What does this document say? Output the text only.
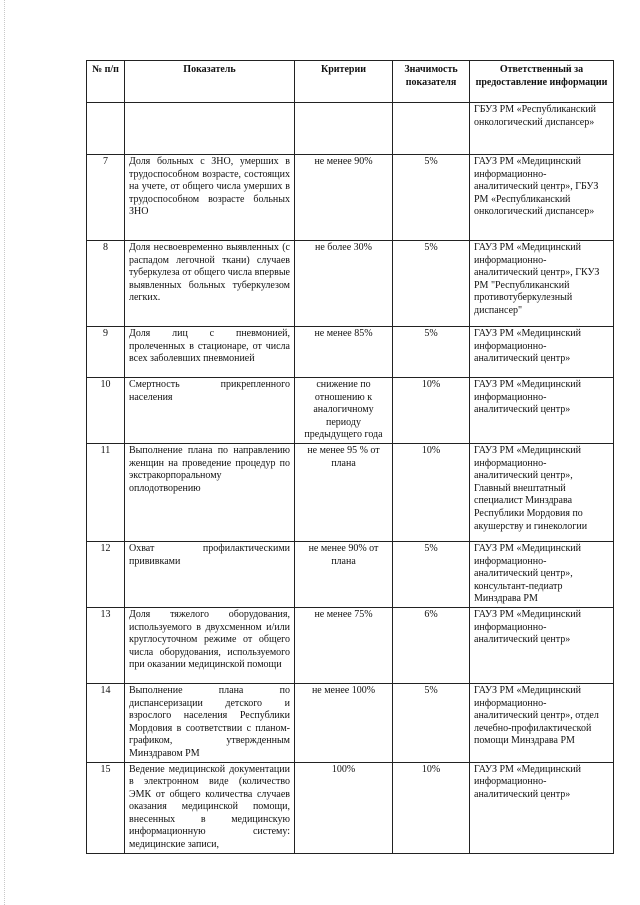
№ п/п	Показатель	Критерии	Значимость показателя	Ответственный за предоставление информации
				ГБУЗ РМ «Республиканский онкологический диспансер»
7	Доля больных с ЗНО, умерших в трудоспособном возрасте, состоящих на учете, от общего числа умерших в трудоспособном возрасте больных ЗНО	не менее 90%	5%	ГАУЗ РМ «Медицинский информационно-аналитический центр», ГБУЗ РМ «Республиканский онкологический диспансер»
8	Доля несвоевременно выявленных (с распадом легочной ткани) случаев туберкулеза от общего числа впервые выявленных больных туберкулезом легких.	не более 30%	5%	ГАУЗ РМ «Медицинский информационно-аналитический центр», ГКУЗ РМ "Республиканский противотуберкулезный диспансер"
9	Доля лиц с пневмонией, пролеченных в стационаре, от числа всех заболевших пневмонией	не менее 85%	5%	ГАУЗ РМ «Медицинский информационно-аналитический центр»
10	Смертность прикрепленного населения	снижение по отношению к аналогичному периоду предыдущего года	10%	ГАУЗ РМ «Медицинский информационно-аналитический центр»
11	Выполнение плана по направлению женщин на проведение процедур по экстракорпоральному оплодотворению	не менее 95 % от плана	10%	ГАУЗ РМ «Медицинский информационно-аналитический центр», Главный внештатный специалист Минздрава Республики Мордовия по акушерству и гинекологии
12	Охват профилактическими прививками	не менее 90% от плана	5%	ГАУЗ РМ «Медицинский информационно-аналитический центр», консультант-педиатр Минздрава РМ
13	Доля тяжелого оборудования, используемого в двухсменном и/или круглосуточном режиме от общего числа оборудования, используемого при оказании медицинской помощи	не менее 75%	6%	ГАУЗ РМ «Медицинский информационно-аналитический центр»
14	Выполнение плана по диспансеризации детского и взрослого населения Республики Мордовия в соответствии с планом-графиком, утвержденным Минздравом РМ	не менее 100%	5%	ГАУЗ РМ «Медицинский информационно-аналитический центр», отдел лечебно-профилактической помощи Минздрава РМ
15	Ведение медицинской документации в электронном виде (количество ЭМК от общего количества случаев оказания медицинской помощи, внесенных в медицинскую информационную систему: медицинские записи,	100%	10%	ГАУЗ РМ «Медицинский информационно-аналитический центр»
